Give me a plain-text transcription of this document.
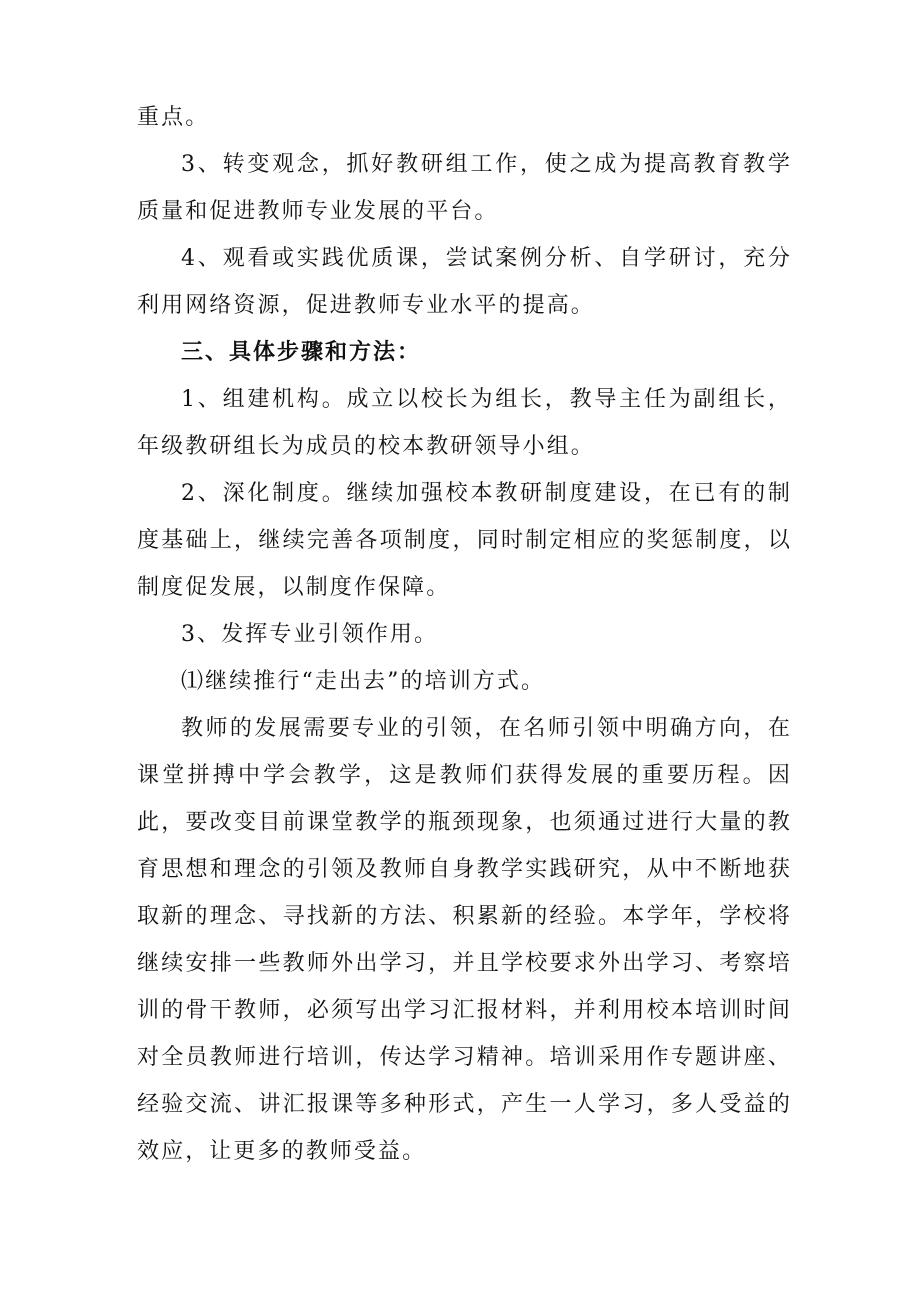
重点。

3、转变观念，抓好教研组工作，使之成为提高教育教学质量和促进教师专业发展的平台。

4、观看或实践优质课，尝试案例分析、自学研讨，充分利用网络资源，促进教师专业水平的提高。

三、具体步骤和方法：

1、组建机构。成立以校长为组长，教导主任为副组长，年级教研组长为成员的校本教研领导小组。

2、深化制度。继续加强校本教研制度建设，在已有的制度基础上，继续完善各项制度，同时制定相应的奖惩制度，以制度促发展，以制度作保障。

3、发挥专业引领作用。

⑴继续推行“走出去”的培训方式。

教师的发展需要专业的引领，在名师引领中明确方向，在课堂拼搏中学会教学，这是教师们获得发展的重要历程。因此，要改变目前课堂教学的瓶颈现象，也须通过进行大量的教育思想和理念的引领及教师自身教学实践研究，从中不断地获取新的理念、寻找新的方法、积累新的经验。本学年，学校将继续安排一些教师外出学习，并且学校要求外出学习、考察培训的骨干教师，必须写出学习汇报材料，并利用校本培训时间对全员教师进行培训，传达学习精神。培训采用作专题讲座、经验交流、讲汇报课等多种形式，产生一人学习，多人受益的效应，让更多的教师受益。
